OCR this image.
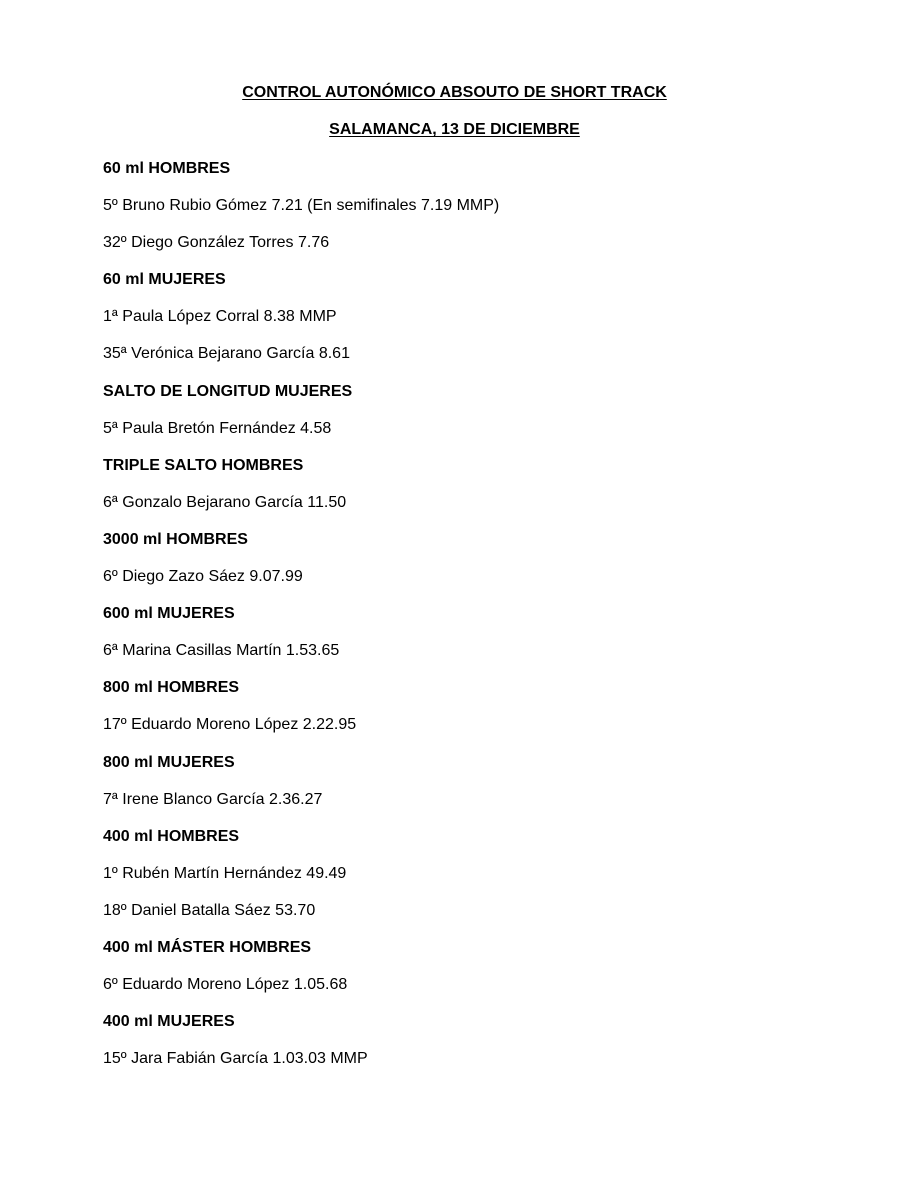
CONTROL AUTONÓMICO ABSOUTO DE SHORT TRACK
SALAMANCA, 13 DE DICIEMBRE
60 ml HOMBRES
5º Bruno Rubio Gómez 7.21 (En semifinales 7.19 MMP)
32º Diego González Torres 7.76
60 ml MUJERES
1ª Paula López Corral 8.38 MMP
35ª Verónica Bejarano García 8.61
SALTO DE LONGITUD MUJERES
5ª Paula Bretón Fernández 4.58
TRIPLE SALTO HOMBRES
6ª Gonzalo Bejarano García 11.50
3000 ml HOMBRES
6º Diego Zazo Sáez 9.07.99
600 ml MUJERES
6ª Marina Casillas Martín 1.53.65
800 ml HOMBRES
17º Eduardo Moreno López 2.22.95
800 ml MUJERES
7ª Irene Blanco García 2.36.27
400 ml HOMBRES
1º Rubén Martín Hernández 49.49
18º Daniel Batalla Sáez 53.70
400 ml MÁSTER HOMBRES
6º Eduardo Moreno López 1.05.68
400 ml MUJERES
15º Jara Fabián García 1.03.03 MMP
